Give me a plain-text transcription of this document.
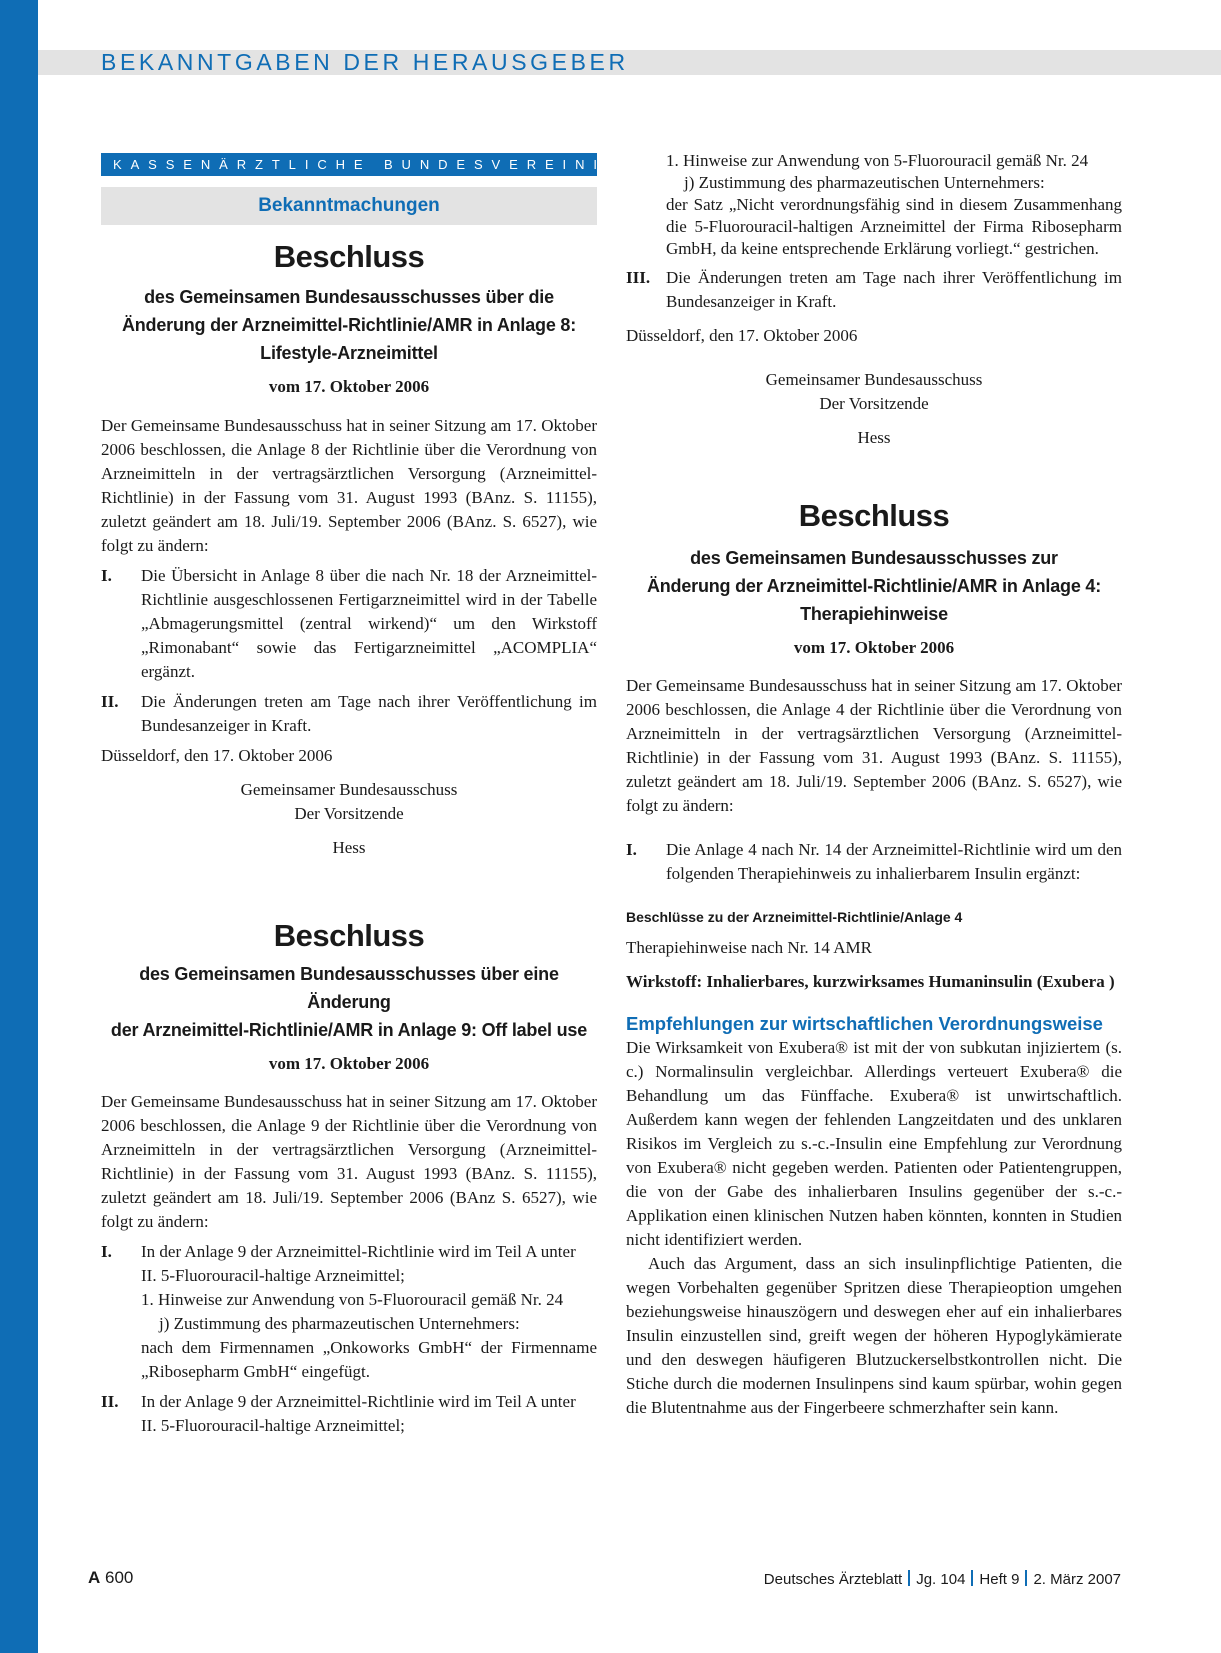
BEKANNTGABEN DER HERAUSGEBER
KASSENÄRZTLICHE BUNDESVEREINIGUNG
Bekanntmachungen
Beschluss
des Gemeinsamen Bundesausschusses über die
Änderung der Arzneimittel-Richtlinie/AMR in Anlage 8:
Lifestyle-Arzneimittel
vom 17. Oktober 2006

Der Gemeinsame Bundesausschuss hat in seiner Sitzung am 17. Oktober 2006 beschlossen, die Anlage 8 der Richtlinie über die Verordnung von Arzneimitteln in der vertragsärztlichen Versorgung (Arzneimittel-Richtlinie) in der Fassung vom 31. August 1993 (BAnz. S. 11155), zuletzt geändert am 18. Juli/19. September 2006 (BAnz. S. 6527), wie folgt zu ändern:

I.	Die Übersicht in Anlage 8 über die nach Nr. 18 der Arzneimittel-Richtlinie ausgeschlossenen Fertigarzneimittel wird in der Tabelle „Abmagerungsmittel (zentral wirkend)“ um den Wirkstoff „Rimonabant“ sowie das Fertigarzneimittel „ACOMPLIA“ ergänzt.
II.	Die Änderungen treten am Tage nach ihrer Veröffentlichung im Bundesanzeiger in Kraft.

Düsseldorf, den 17. Oktober 2006

Gemeinsamer Bundesausschuss
Der Vorsitzende
Hess
Beschluss
des Gemeinsamen Bundesausschusses über eine Änderung
der Arzneimittel-Richtlinie/AMR in Anlage 9: Off label use
vom 17. Oktober 2006

Der Gemeinsame Bundesausschuss hat in seiner Sitzung am 17. Oktober 2006 beschlossen, die Anlage 9 der Richtlinie über die Verordnung von Arzneimitteln in der vertragsärztlichen Versorgung (Arzneimittel-Richtlinie) in der Fassung vom 31. August 1993 (BAnz. S. 11155), zuletzt geändert am 18. Juli/19. September 2006 (BAnz S. 6527), wie folgt zu ändern:

I.	In der Anlage 9 der Arzneimittel-Richtlinie wird im Teil A unter
II. 5-Fluorouracil-haltige Arzneimittel;
1. Hinweise zur Anwendung von 5-Fluorouracil gemäß Nr. 24
j) Zustimmung des pharmazeutischen Unternehmers:
nach dem Firmennamen „Onkoworks GmbH“ der Firmenname „Ribosepharm GmbH“ eingefügt.
II.	In der Anlage 9 der Arzneimittel-Richtlinie wird im Teil A unter
II. 5-Fluorouracil-haltige Arzneimittel;
1. Hinweise zur Anwendung von 5-Fluorouracil gemäß Nr. 24
j) Zustimmung des pharmazeutischen Unternehmers:

der Satz „Nicht verordnungsfähig sind in diesem Zusammenhang die 5-Fluorouracil-haltigen Arzneimittel der Firma Ribosepharm GmbH, da keine entsprechende Erklärung vorliegt.“ gestrichen.

III. Die Änderungen treten am Tage nach ihrer Veröffentlichung im Bundesanzeiger in Kraft.

Düsseldorf, den 17. Oktober 2006

Gemeinsamer Bundesausschuss
Der Vorsitzende
Hess
Beschluss
des Gemeinsamen Bundesausschusses zur
Änderung der Arzneimittel-Richtlinie/AMR in Anlage 4:
Therapiehinweise
vom 17. Oktober 2006

Der Gemeinsame Bundesausschuss hat in seiner Sitzung am 17. Oktober 2006 beschlossen, die Anlage 4 der Richtlinie über die Verordnung von Arzneimitteln in der vertragsärztlichen Versorgung (Arzneimittel-Richtlinie) in der Fassung vom 31. August 1993 (BAnz. S. 11155), zuletzt geändert am 18. Juli/19. September 2006 (BAnz. S. 6527), wie folgt zu ändern:

I.	Die Anlage 4 nach Nr. 14 der Arzneimittel-Richtlinie wird um den folgenden Therapiehinweis zu inhalierbarem Insulin ergänzt:
Beschlüsse zu der Arzneimittel-Richtlinie/Anlage 4

Therapiehinweise nach Nr. 14 AMR

Wirkstoff: Inhalierbares, kurzwirksames Humaninsulin (Exubera )

Empfehlungen zur wirtschaftlichen Verordnungsweise

Die Wirksamkeit von Exubera® ist mit der von subkutan injiziertem (s. c.) Normalinsulin vergleichbar. Allerdings verteuert Exubera® die Behandlung um das Fünffache. Exubera® ist unwirtschaftlich. Außerdem kann wegen der fehlenden Langzeitdaten und des unklaren Risikos im Vergleich zu s.-c.-Insulin eine Empfehlung zur Verordnung von Exubera® nicht gegeben werden. Patienten oder Patientengruppen, die von der Gabe des inhalierbaren Insulins gegenüber der s.-c.-Applikation einen klinischen Nutzen haben könnten, konnten in Studien nicht identifiziert werden.

Auch das Argument, dass an sich insulinpflichtige Patienten, die wegen Vorbehalten gegenüber Spritzen diese Therapieoption umgehen beziehungsweise hinauszögern und deswegen eher auf ein inhalierbares Insulin einzustellen sind, greift wegen der höheren Hypoglykämierate und den deswegen häufigeren Blutzuckerselbstkontrollen nicht. Die Stiche durch die modernen Insulinpens sind kaum spürbar, wohin gegen die Blutentnahme aus der Fingerbeere schmerzhafter sein kann.

A 600	Deutsches Ärzteblatt Jg. 104 Heft 9 2. März 2007
